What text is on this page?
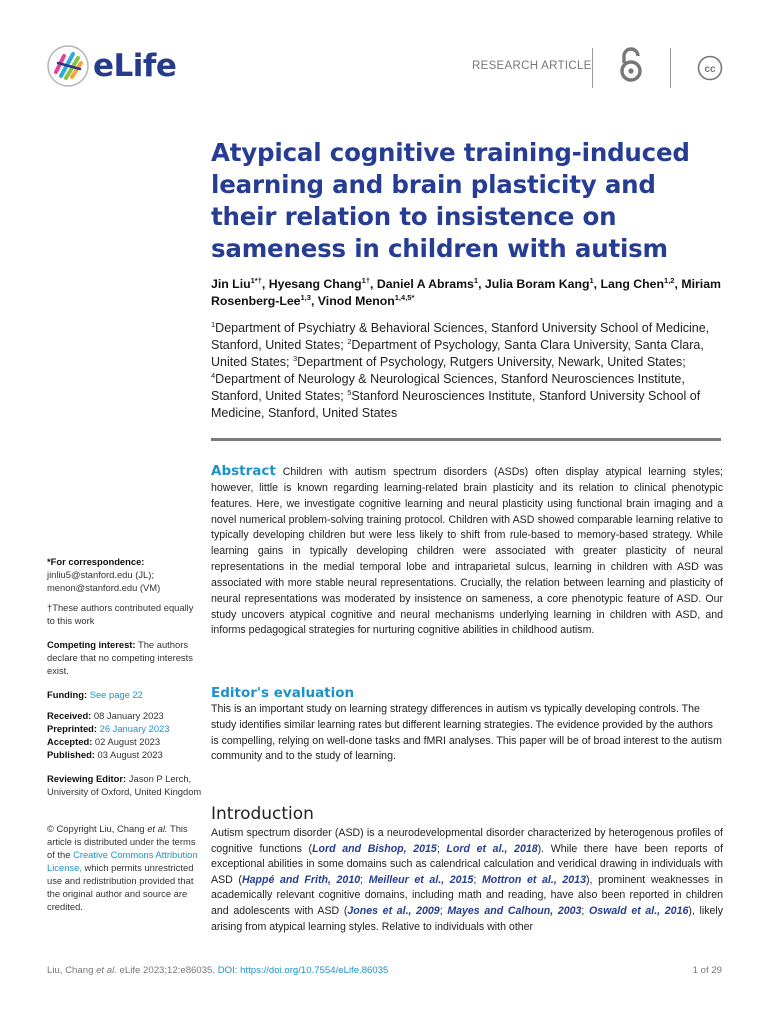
eLife	RESEARCH ARTICLE	cc
Atypical cognitive training-induced learning and brain plasticity and their relation to insistence on sameness in children with autism
Jin Liu$^{1*\dagger}$, Hyesang Chang$^{1\dagger}$, Daniel A Abrams$^1$, Julia Boram Kang$^1$, Lang Chen$^{1,2}$, Miriam Rosenberg-Lee$^{1,3}$, Vinod Menon$^{1,4,5*}$
$^1$Department of Psychiatry & Behavioral Sciences, Stanford University School of Medicine, Stanford, United States; $^2$Department of Psychology, Santa Clara University, Santa Clara, United States; $^3$Department of Psychology, Rutgers University, Newark, United States; $^4$Department of Neurology & Neurological Sciences, Stanford Neurosciences Institute, Stanford, United States; $^5$Stanford Neurosciences Institute, Stanford University School of Medicine, Stanford, United States
Abstract Children with autism spectrum disorders (ASDs) often display atypical learning styles; however, little is known regarding learning-related brain plasticity and its relation to clinical phenotypic features. Here, we investigate cognitive learning and neural plasticity using functional brain imaging and a novel numerical problem-solving training protocol. Children with ASD showed comparable learning relative to typically developing children but were less likely to shift from rule-based to memory-based strategy. While learning gains in typically developing children were associated with greater plasticity of neural representations in the medial temporal lobe and intraparietal sulcus, learning in children with ASD was associated with more stable neural representations. Crucially, the relation between learning and plasticity of neural representations was moderated by insistence on sameness, a core phenotypic feature of ASD. Our study uncovers atypical cognitive and neural mechanisms underlying learning in children with ASD, and informs pedagogical strategies for nurturing cognitive abilities in childhood autism.
Editor's evaluation
This is an important study on learning strategy differences in autism vs typically developing controls. The study identifies similar learning rates but different learning strategies. The evidence provided by the authors is compelling, relying on well-done tasks and fMRI analyses. This paper will be of broad interest to the autism community and to the study of learning.
Introduction
Autism spectrum disorder (ASD) is a neurodevelopmental disorder characterized by heterogenous profiles of cognitive functions (Lord and Bishop, 2015; Lord et al., 2018). While there have been reports of exceptional abilities in some domains such as calendrical calculation and veridical drawing in individuals with ASD (Happé and Frith, 2010; Meilleur et al., 2015; Mottron et al., 2013), prominent weaknesses in academically relevant cognitive domains, including math and reading, have also been reported in children and adolescents with ASD (Jones et al., 2009; Mayes and Calhoun, 2003; Oswald et al., 2016), likely arising from atypical learning styles. Relative to individuals with other
*For correspondence:
jinliu5@stanford.edu (JL); menon@stanford.edu (VM)
†These authors contributed equally to this work
Competing interest: The authors declare that no competing interests exist.
Funding: See page 22
Received: 08 January 2023
Preprinted: 26 January 2023
Accepted: 02 August 2023
Published: 03 August 2023
Reviewing Editor: Jason P Lerch, University of Oxford, United Kingdom
© Copyright Liu, Chang et al. This article is distributed under the terms of the Creative Commons Attribution License, which permits unrestricted use and redistribution provided that the original author and source are credited.
Liu, Chang et al. eLife 2023;12:e86035. DOI: https://doi.org/10.7554/eLife.86035	1 of 29
